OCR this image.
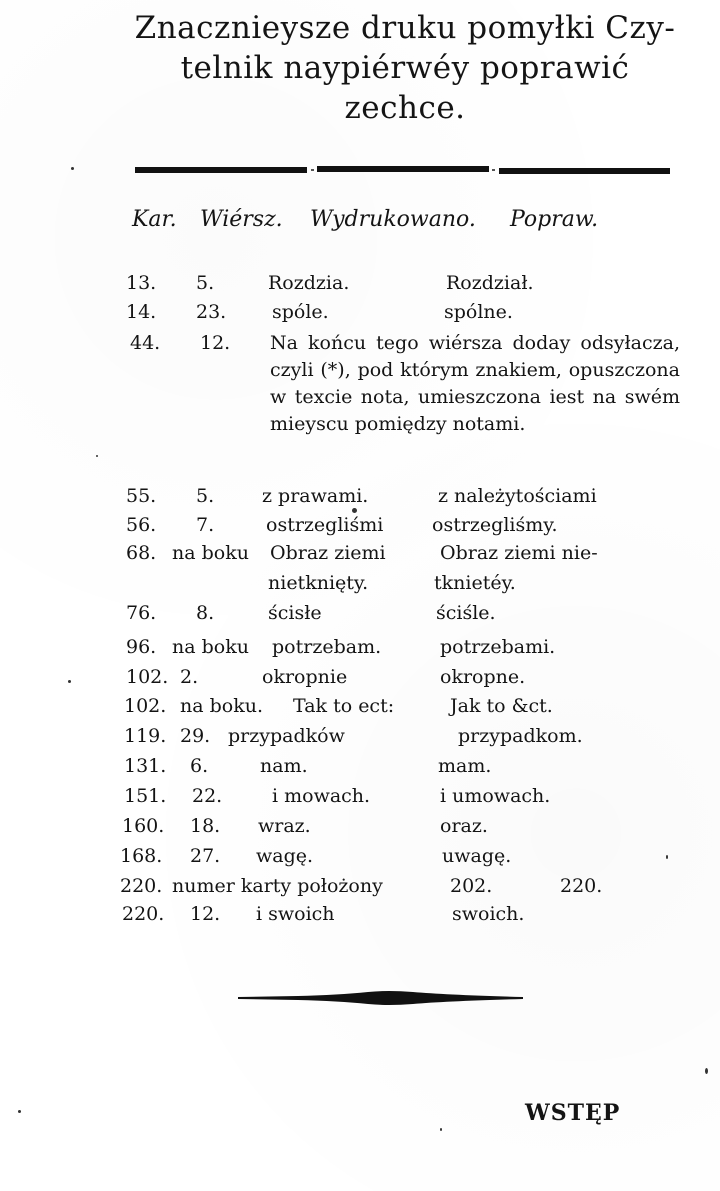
Znacznieysze druku pomyłki Czy-
telnik naypiérwéy poprawić
zechce.
Kar. Wiérsz. Wydrukowano. Popraw.
13. 5.	Rozdzia.	Rozdział.
14. 23. spóle.	spólne.
44. 12. Na końcu tego wiérsza doday odsyłacza, czyli (*), pod którym znakiem, opuszczona w texcie nota, umieszczona iest na swém mieyscu pomiędzy notami.
55. 5.	z prawami.	z należytościami
56. 7.	ostrzegliśmi	ostrzegliśmy.
68. na boku Obraz ziemi	Obraz ziemi nie-
nietknięty.	tknietéy.
76. 8.	ścisłe	ściśle.
96. na boku potrzebam.	potrzebami.
102. 2.	okropnie	okropne.
102. na boku. Tak to ect:	Jak to &ct.
119. 29. przypadków	przypadkom.
131. 6.	nam.	mam.
151. 22.	i mowach.	i umowach.
160. 18. wraz.	oraz.
168. 27. wagę.	uwagę.
220. numer karty położony	202.	220.
220. 12. i swoich	swoich.
WSTĘP
